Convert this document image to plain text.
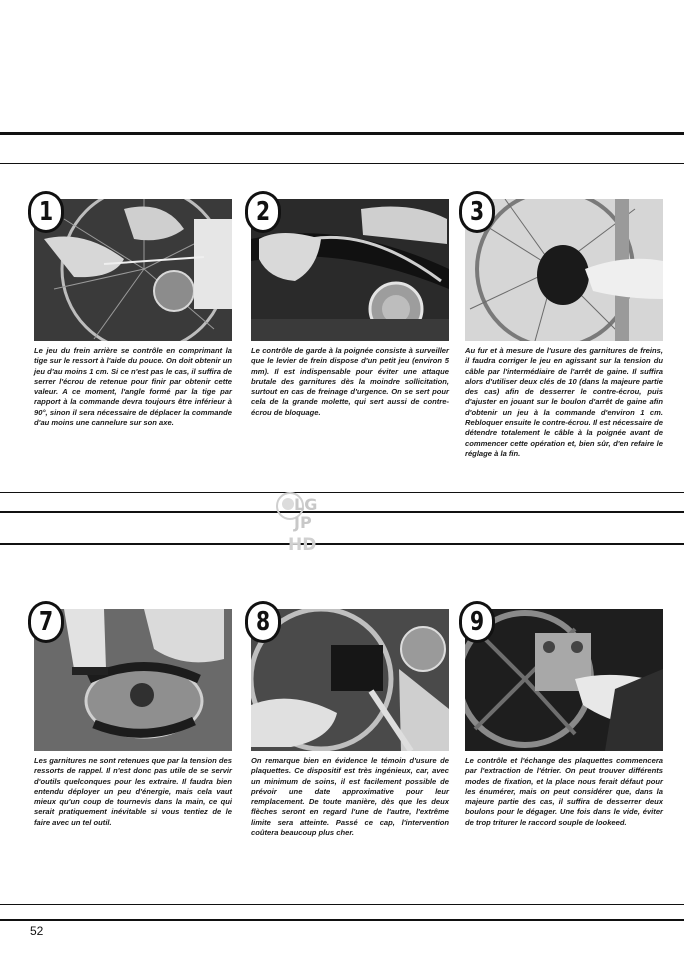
LG
JP
HD
1

Le jeu du frein arrière se contrôle en comprimant la tige sur le ressort à l'aide du pouce. On doit obtenir un jeu d'au moins 1 cm. Si ce n'est pas le cas, il suffira de serrer l'écrou de retenue pour finir par obtenir cette valeur. A ce moment, l'angle formé par la tige par rapport à la commande devra toujours être inférieur à 90°, sinon il sera nécessaire de déplacer la commande d'au moins une cannelure sur son axe.

2

Le contrôle de garde à la poignée consiste à surveiller que le levier de frein dispose d'un petit jeu (environ 5 mm). Il est indispensable pour éviter une attaque brutale des garnitures dès la moindre sollicitation, surtout en cas de freinage d'urgence. On se sert pour cela de la grande molette, qui sert aussi de contre-écrou de bloquage.

3

Au fur et à mesure de l'usure des garnitures de freins, il faudra corriger le jeu en agissant sur la tension du câble par l'intermédiaire de l'arrêt de gaine. Il suffira alors d'utiliser deux clés de 10 (dans la majeure partie des cas) afin de desserrer le contre-écrou, puis d'ajuster en jouant sur le boulon d'arrêt de gaine afin d'obtenir un jeu à la commande d'environ 1 cm. Rebloquer ensuite le contre-écrou. Il est nécessaire de détendre totalement le câble à la poignée avant de commencer cette opération et, bien sûr, d'en refaire le réglage à la fin.

7

Les garnitures ne sont retenues que par la tension des ressorts de rappel. Il n'est donc pas utile de se servir d'outils quelconques pour les extraire. Il faudra bien entendu déployer un peu d'énergie, mais cela vaut mieux qu'un coup de tournevis dans la main, ce qui serait pratiquement inévitable si vous tentiez de le faire avec un tel outil.

8

On remarque bien en évidence le témoin d'usure de plaquettes. Ce dispositif est très ingénieux, car, avec un minimum de soins, il est facilement possible de prévoir une date approximative pour leur remplacement. De toute manière, dès que les deux flèches seront en regard l'une de l'autre, l'extrême limite sera atteinte. Passé ce cap, l'intervention coûtera beaucoup plus cher.

9

Le contrôle et l'échange des plaquettes commencera par l'extraction de l'étrier. On peut trouver différents modes de fixation, et la place nous ferait défaut pour les énumérer, mais on peut considérer que, dans la majeure partie des cas, il suffira de desserrer deux boulons pour le dégager. Une fois dans le vide, éviter de trop triturer le raccord souple de lookeed.

52
